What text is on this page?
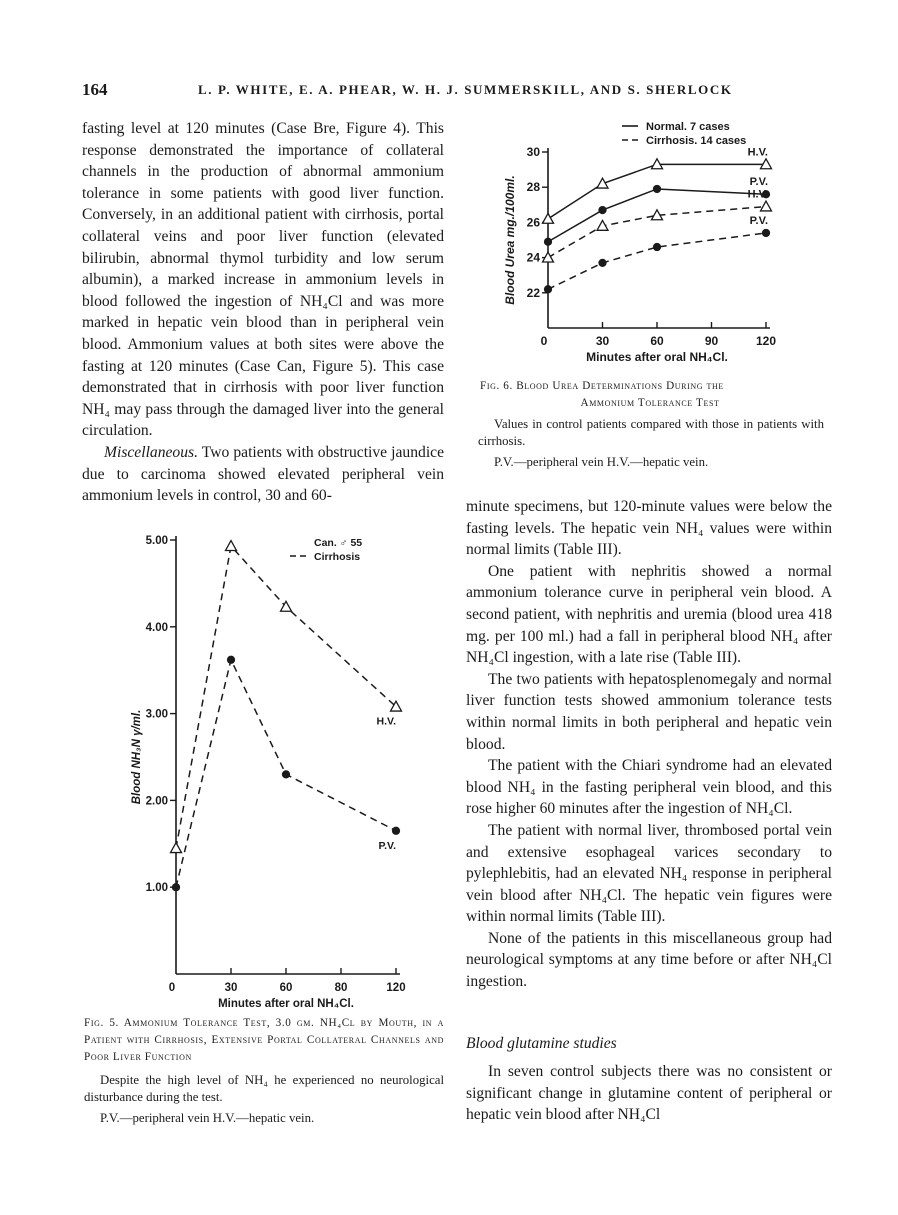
164	L. P. WHITE, E. A. PHEAR, W. H. J. SUMMERSKILL, AND S. SHERLOCK

fasting level at 120 minutes (Case Bre, Figure 4). This response demonstrated the importance of collateral channels in the production of abnormal ammonium tolerance in some patients with good liver function. Conversely, in an additional patient with cirrhosis, portal collateral veins and poor liver function (elevated bilirubin, abnormal thymol turbidity and low serum albumin), a marked increase in ammonium levels in blood followed the ingestion of NH₄Cl and was more marked in hepatic vein blood than in peripheral vein blood. Ammonium values at both sites were above the fasting at 120 minutes (Case Can, Figure 5). This case demonstrated that in cirrhosis with poor liver function NH₄ may pass through the damaged liver into the general circulation.

Miscellaneous. Two patients with obstructive jaundice due to carcinoma showed elevated peripheral vein ammonium levels in control, 30 and 60-

22
24
26
28
30
0	30	60	90	120
Minutes after oral NH₄Cl.
Blood Urea mg./100ml.
H.V.
P.V.
H.V.
P.V.
Normal. 7 cases
Cirrhosis. 14 cases
Fig. 6. Blood Urea Determinations During the
Ammonium Tolerance Test

Values in control patients compared with those in patients with cirrhosis.

P.V.—peripheral vein H.V.—hepatic vein.

minute specimens, but 120-minute values were below the fasting levels. The hepatic vein NH₄ values were within normal limits (Table III).

One patient with nephritis showed a normal ammonium tolerance curve in peripheral vein blood. A second patient, with nephritis and uremia (blood urea 418 mg. per 100 ml.) had a fall in peripheral blood NH₄ after NH₄Cl ingestion, with a late rise (Table III).

The two patients with hepatosplenomegaly and normal liver function tests showed ammonium tolerance tests within normal limits in both peripheral and hepatic vein blood.

The patient with the Chiari syndrome had an elevated blood NH₄ in the fasting peripheral vein blood, and this rose higher 60 minutes after the ingestion of NH₄Cl.

The patient with normal liver, thrombosed portal vein and extensive esophageal varices secondary to pylephlebitis, had an elevated NH₄ response in peripheral vein blood after NH₄Cl. The hepatic vein figures were within normal limits (Table III).

None of the patients in this miscellaneous group had neurological symptoms at any time before or after NH₄Cl ingestion.

Blood glutamine studies

In seven control subjects there was no consistent or significant change in glutamine content of peripheral or hepatic vein blood after NH₄Cl

1.00
2.00
3.00
4.00
5.00
0	30	60	80	120
Minutes after oral NH₄Cl.
Blood NH₃N γ/ml.	H.V.
P.V.
Can. ♂ 55
Cirrhosis
Fig. 5. Ammonium Tolerance Test, 3.0 gm. NH₄Cl by Mouth, in a Patient with Cirrhosis, Extensive Portal Collateral Channels and Poor Liver Function

Despite the high level of NH₄ he experienced no neurological disturbance during the test.

P.V.—peripheral vein H.V.—hepatic vein.
